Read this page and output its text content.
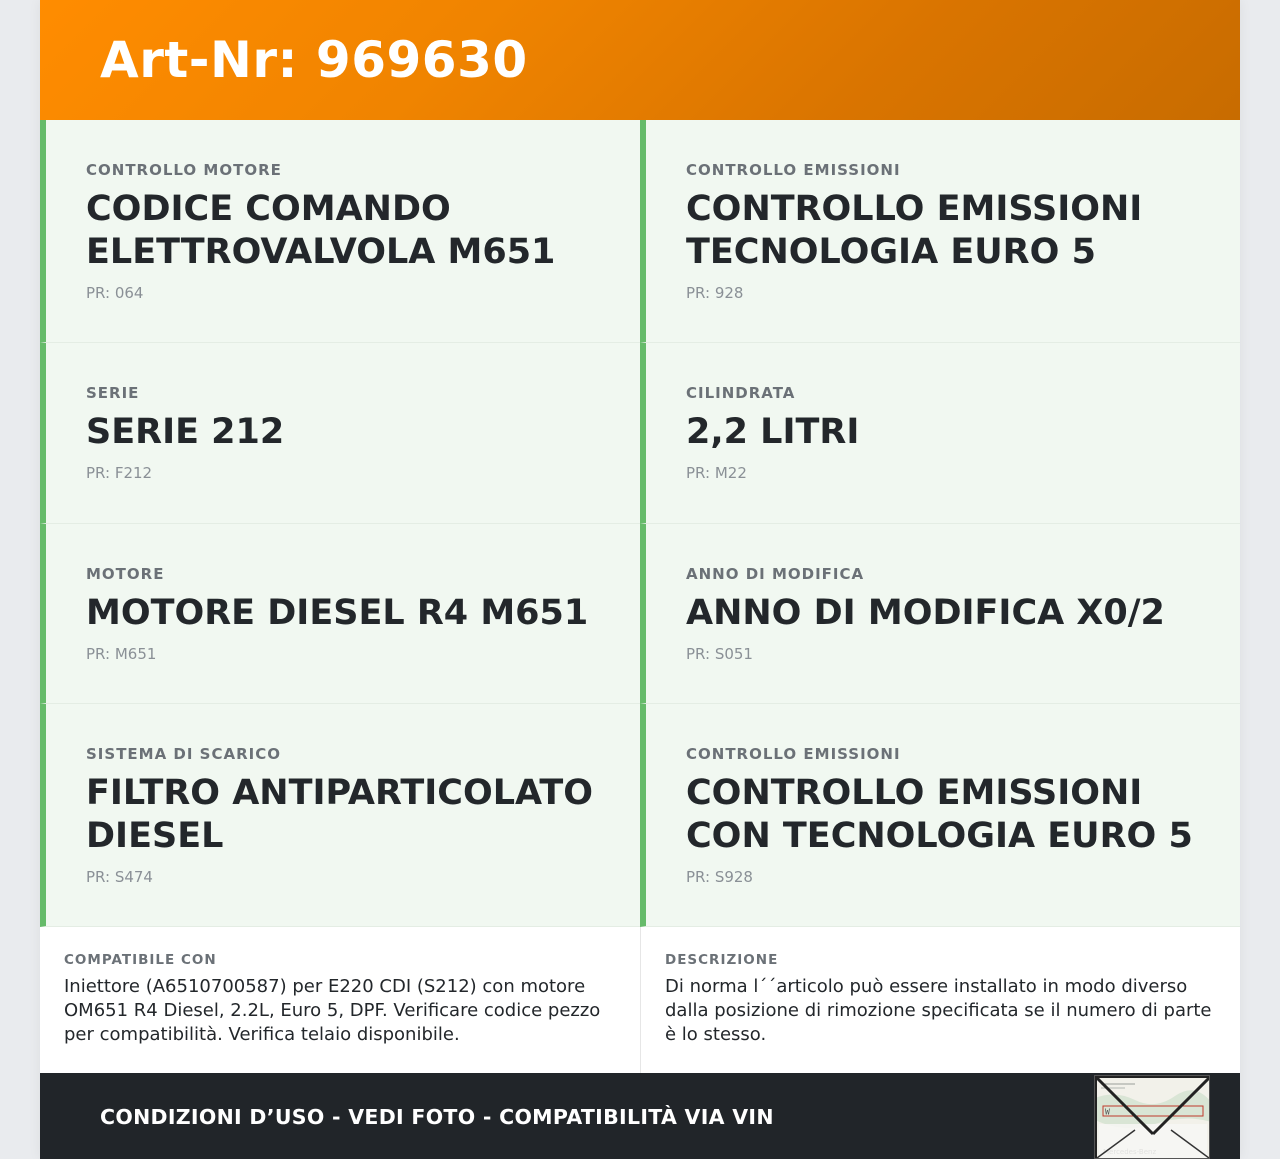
Art-Nr: 969630
CONTROLLO MOTORE
CODICE COMANDO ELETTROVALVOLA M651
PR: 064
CONTROLLO EMISSIONI
CONTROLLO EMISSIONI TECNOLOGIA EURO 5
PR: 928
SERIE
SERIE 212
PR: F212
CILINDRATA
2,2 LITRI
PR: M22
MOTORE
MOTORE DIESEL R4 M651
PR: M651
ANNO DI MODIFICA
ANNO DI MODIFICA X0/2
PR: S051
SISTEMA DI SCARICO
FILTRO ANTIPARTICOLATO DIESEL
PR: S474
CONTROLLO EMISSIONI
CONTROLLO EMISSIONI CON TECNOLOGIA EURO 5
PR: S928
COMPATIBILE CON
Iniettore (A6510700587) per E220 CDI (S212) con motore OM651 R4 Diesel, 2.2L, Euro 5, DPF. Verificare codice pezzo per compatibilità. Verifica telaio disponibile.
DESCRIZIONE
Di norma l´´articolo può essere installato in modo diverso dalla posizione di rimozione specificata se il numero di parte è lo stesso.
CONDIZIONI D’USO - VEDI FOTO - COMPATIBILITÀ VIA VIN	W
